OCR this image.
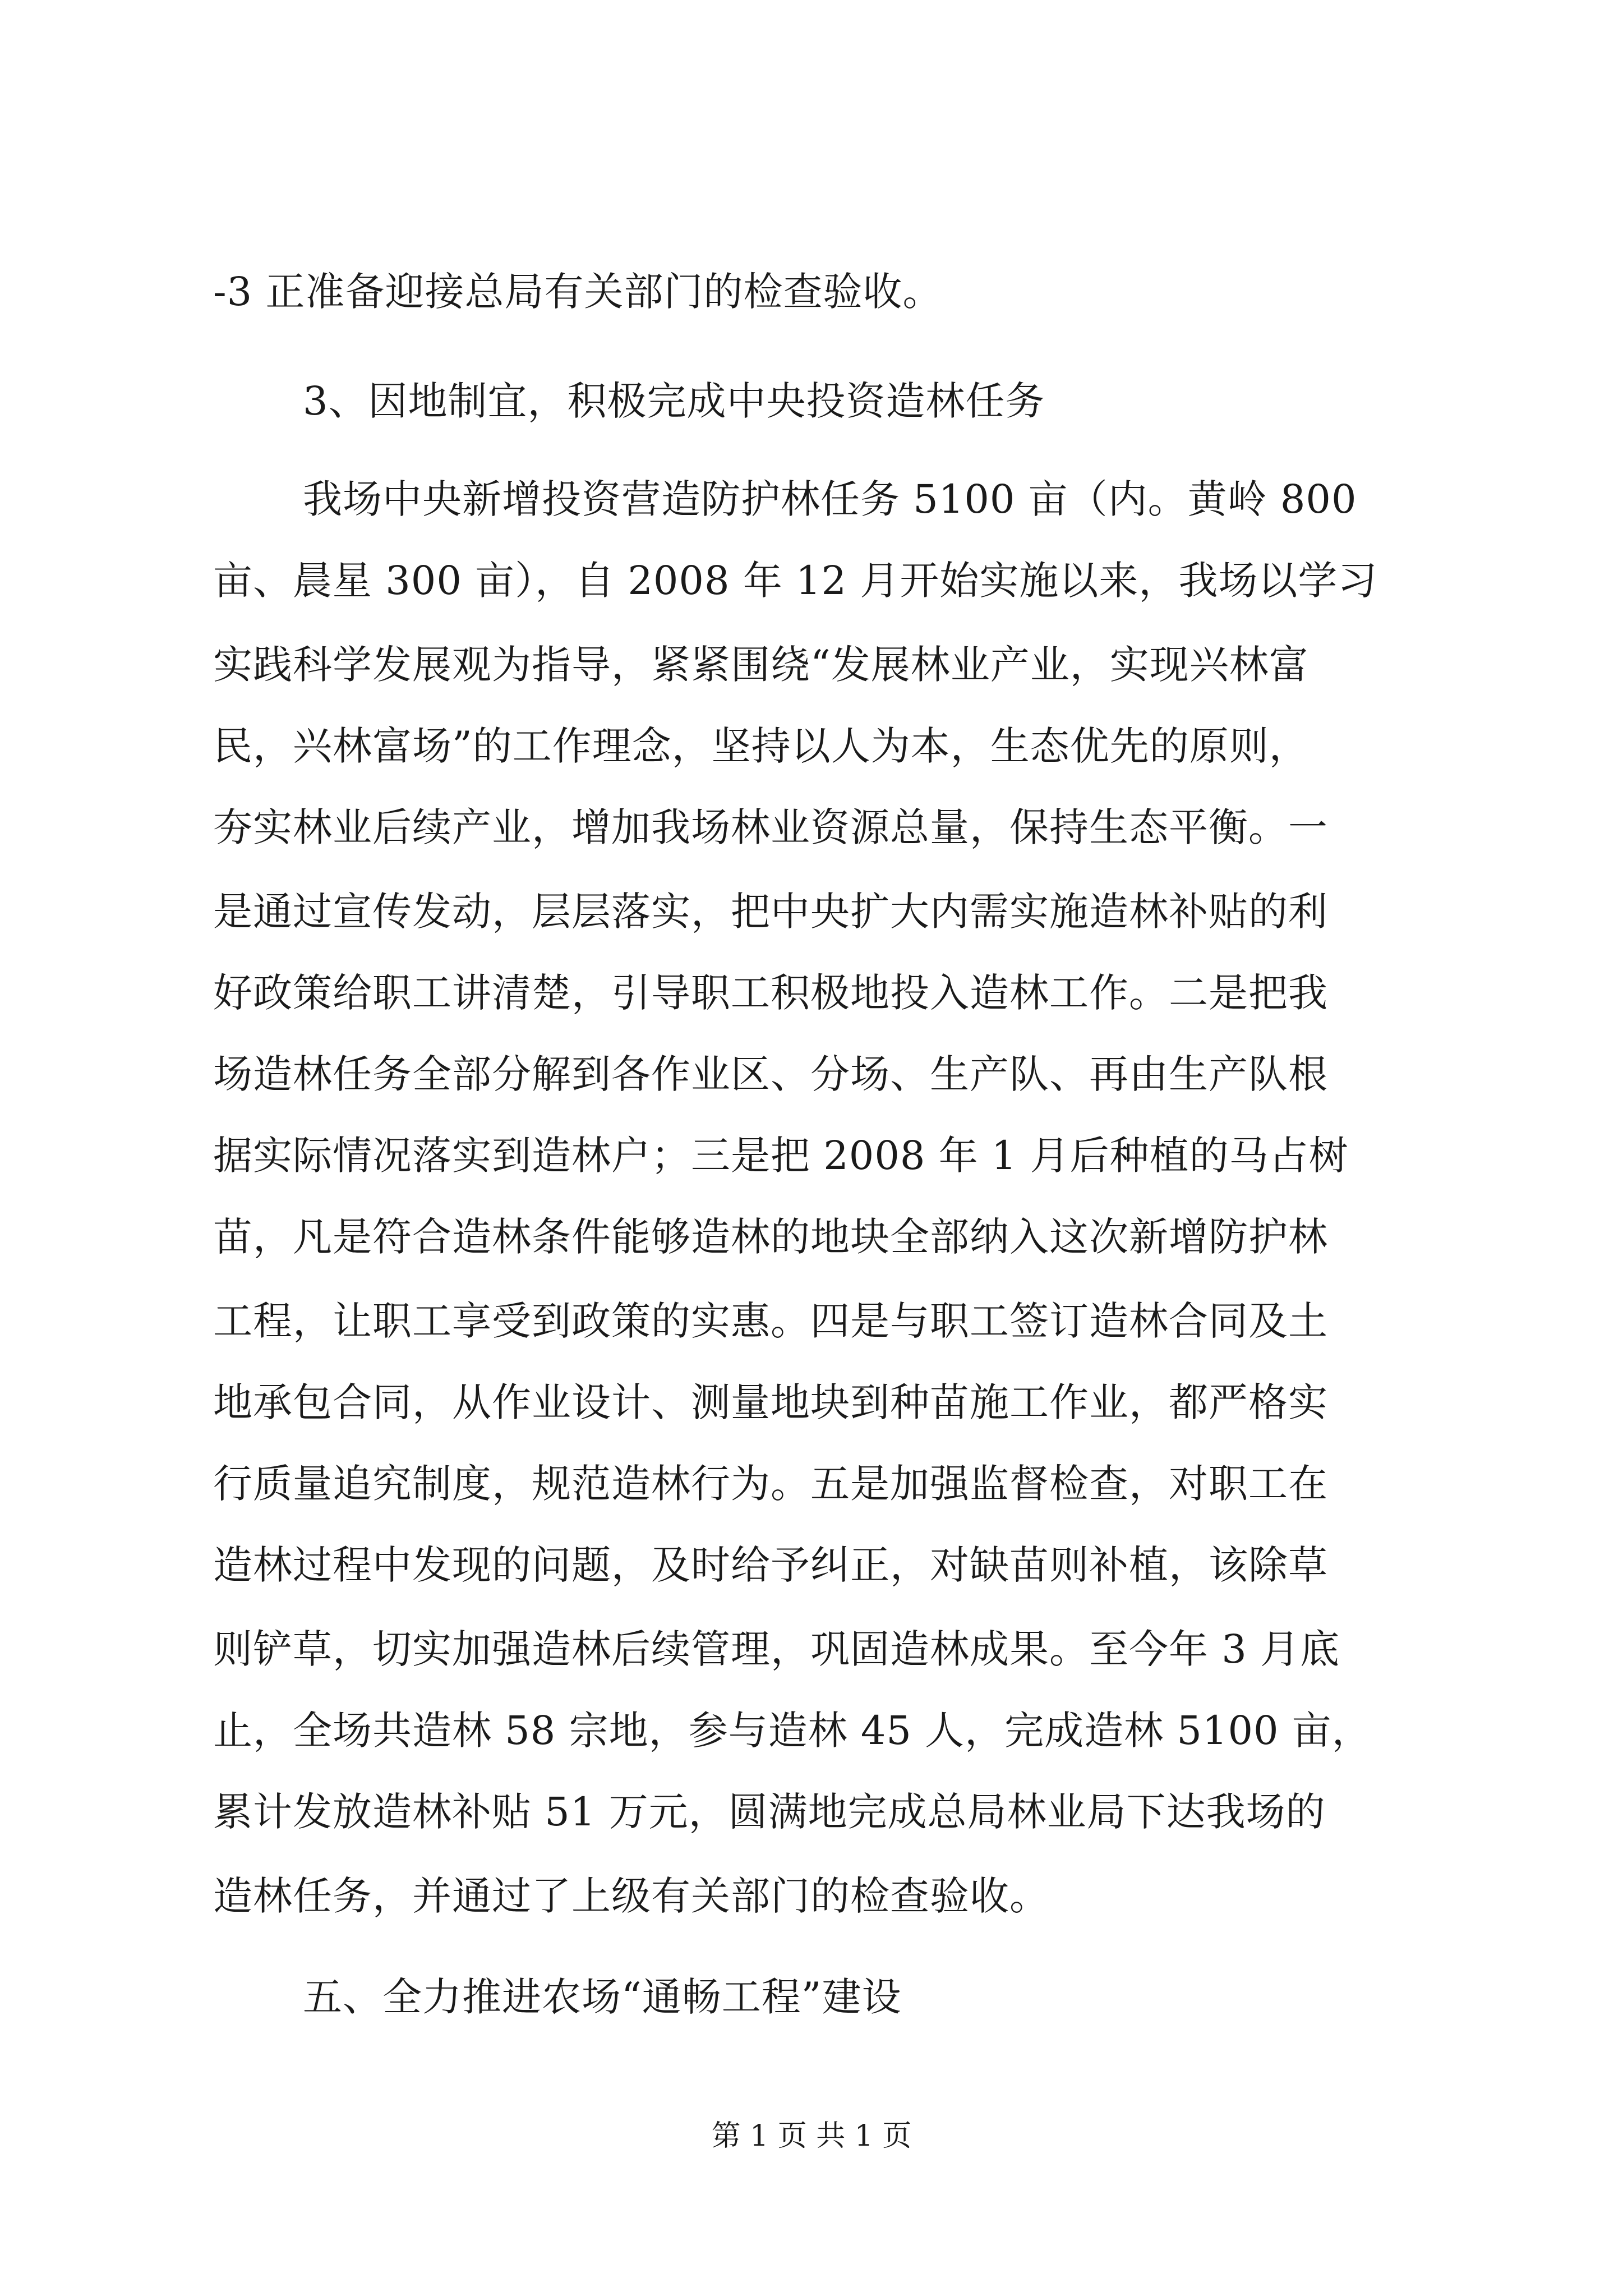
-3 正准备迎接总局有关部门的检查验收。
3、因地制宜，积极完成中央投资造林任务
我场中央新增投资营造防护林任务 5100 亩（内。黄岭 800
亩、晨星 300 亩），自 2008 年 12 月开始实施以来，我场以学习
实践科学发展观为指导，紧紧围绕“发展林业产业，实现兴林富
民，兴林富场”的工作理念，坚持以人为本，生态优先的原则，
夯实林业后续产业，增加我场林业资源总量，保持生态平衡。一
是通过宣传发动，层层落实，把中央扩大内需实施造林补贴的利
好政策给职工讲清楚，引导职工积极地投入造林工作。二是把我
场造林任务全部分解到各作业区、分场、生产队、再由生产队根
据实际情况落实到造林户；三是把 2008 年 1 月后种植的马占树
苗，凡是符合造林条件能够造林的地块全部纳入这次新增防护林
工程，让职工享受到政策的实惠。四是与职工签订造林合同及土
地承包合同，从作业设计、测量地块到种苗施工作业，都严格实
行质量追究制度，规范造林行为。五是加强监督检查，对职工在
造林过程中发现的问题，及时给予纠正，对缺苗则补植，该除草
则铲草，切实加强造林后续管理，巩固造林成果。至今年 3 月底
止，全场共造林 58 宗地，参与造林 45 人，完成造林 5100 亩，
累计发放造林补贴 51 万元，圆满地完成总局林业局下达我场的
造林任务，并通过了上级有关部门的检查验收。
五、全力推进农场“通畅工程”建设
第 1 页 共 1 页
